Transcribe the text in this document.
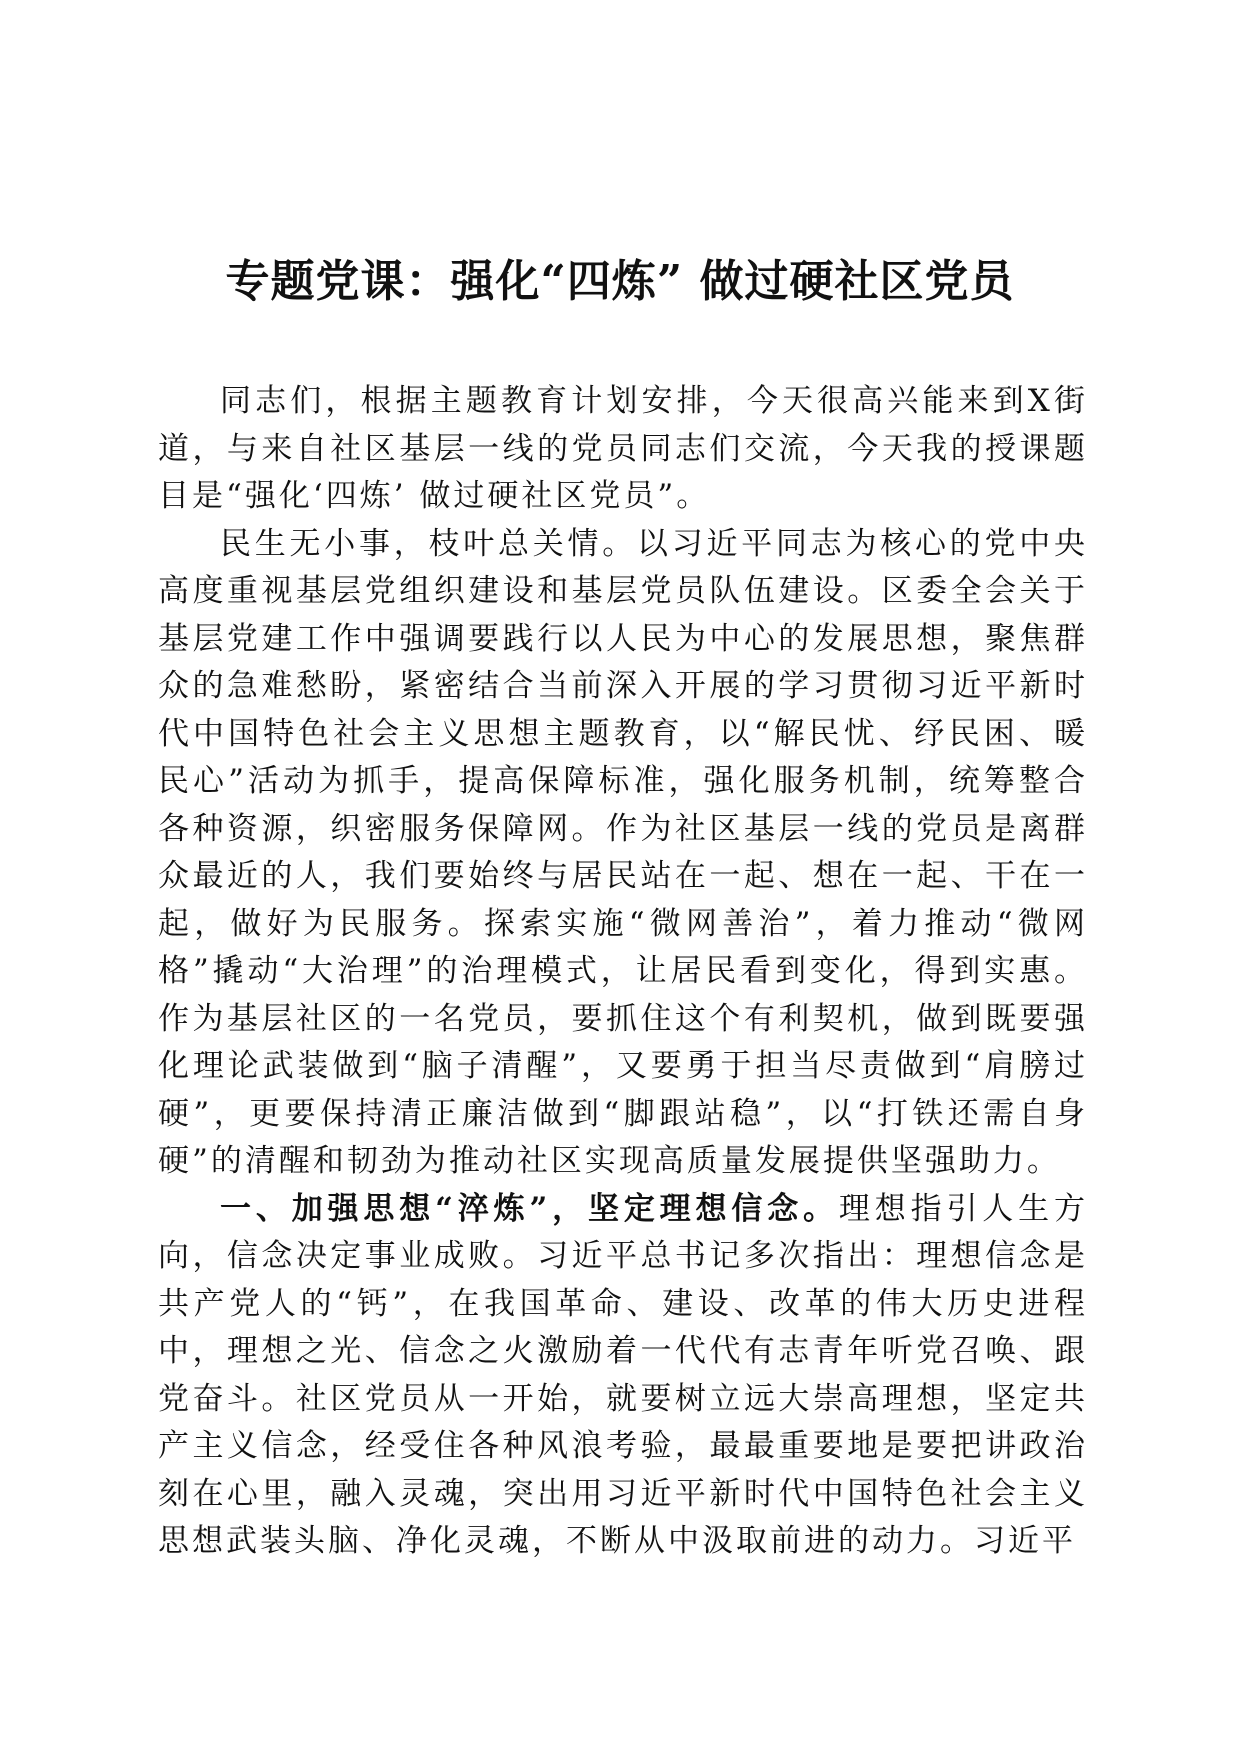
专题党课：强化“四炼” 做过硬社区党员

同志们，根据主题教育计划安排，今天很高兴能来到X街道，与来自社区基层一线的党员同志们交流，今天我的授课题目是“强化‘四炼’ 做过硬社区党员”。

民生无小事，枝叶总关情。以习近平同志为核心的党中央高度重视基层党组织建设和基层党员队伍建设。区委全会关于基层党建工作中强调要践行以人民为中心的发展思想，聚焦群众的急难愁盼，紧密结合当前深入开展的学习贯彻习近平新时代中国特色社会主义思想主题教育，以“解民忧、纾民困、暖民心”活动为抓手，提高保障标准，强化服务机制，统筹整合各种资源，织密服务保障网。作为社区基层一线的党员是离群众最近的人，我们要始终与居民站在一起、想在一起、干在一起，做好为民服务。探索实施“微网善治”，着力推动“微网格”撬动“大治理”的治理模式，让居民看到变化，得到实惠。作为基层社区的一名党员，要抓住这个有利契机，做到既要强化理论武装做到“脑子清醒”，又要勇于担当尽责做到“肩膀过硬”，更要保持清正廉洁做到“脚跟站稳”，以“打铁还需自身硬”的清醒和韧劲为推动社区实现高质量发展提供坚强助力。

一、加强思想“淬炼”，坚定理想信念。理想指引人生方向，信念决定事业成败。习近平总书记多次指出：理想信念是共产党人的“钙”，在我国革命、建设、改革的伟大历史进程中，理想之光、信念之火激励着一代代有志青年听党召唤、跟党奋斗。社区党员从一开始，就要树立远大崇高理想，坚定共产主义信念，经受住各种风浪考验，最最重要地是要把讲政治刻在心里，融入灵魂，突出用习近平新时代中国特色社会主义思想武装头脑、净化灵魂，不断从中汲取前进的动力。习近平
